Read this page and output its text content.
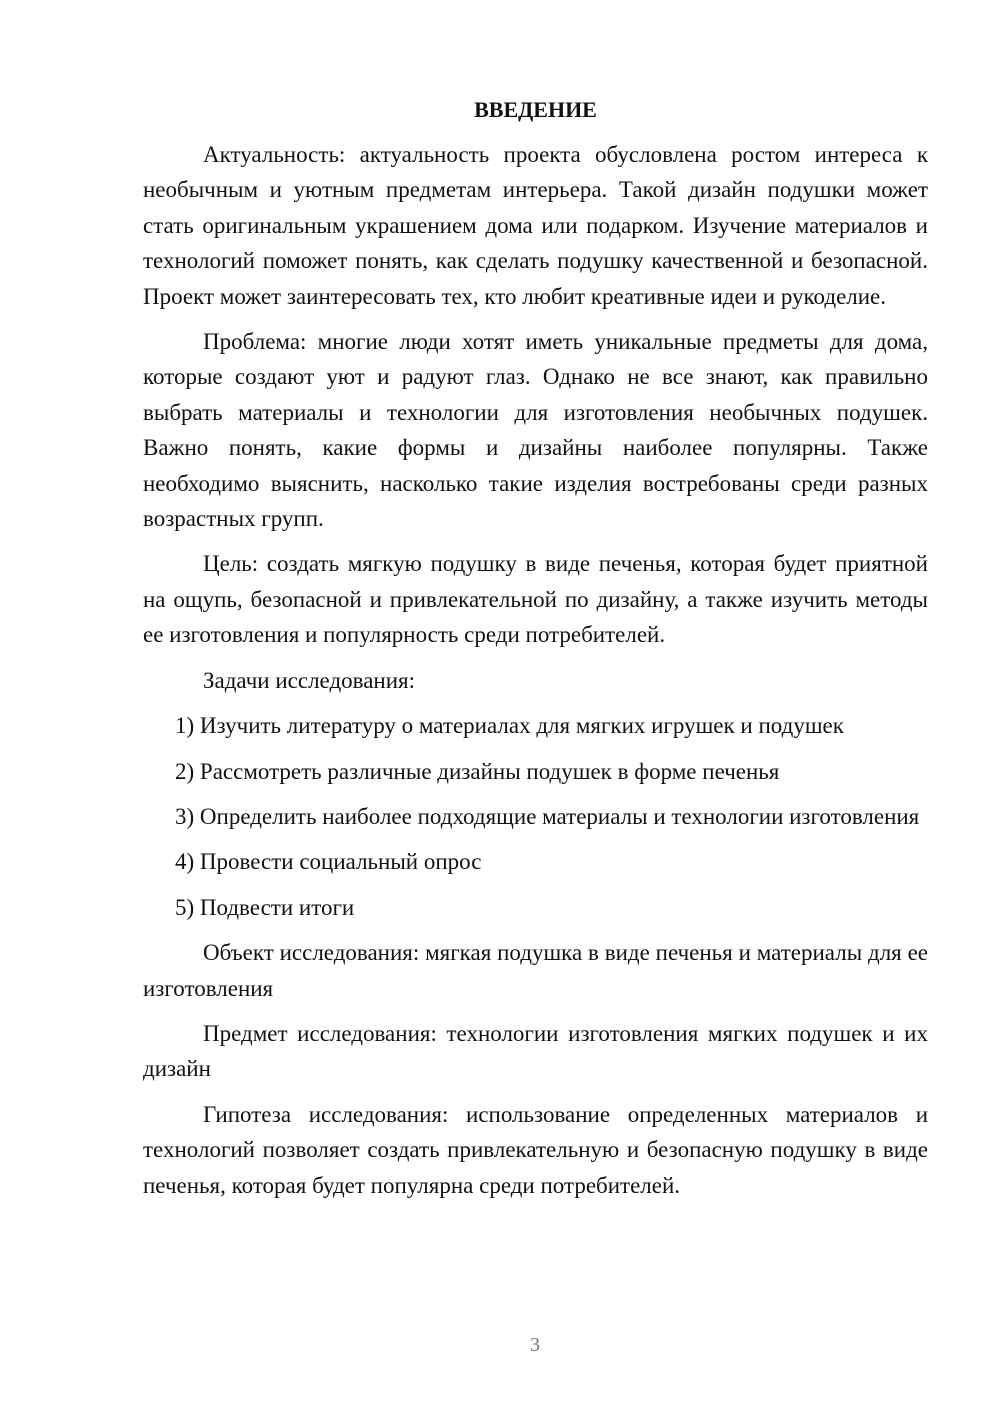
ВВЕДЕНИЕ

Актуальность: актуальность проекта обусловлена ростом интереса к необычным и уютным предметам интерьера. Такой дизайн подушки может стать оригинальным украшением дома или подарком. Изучение материалов и технологий поможет понять, как сделать подушку качественной и безопасной. Проект может заинтересовать тех, кто любит креативные идеи и рукоделие.

Проблема: многие люди хотят иметь уникальные предметы для дома, которые создают уют и радуют глаз. Однако не все знают, как правильно выбрать материалы и технологии для изготовления необычных подушек. Важно понять, какие формы и дизайны наиболее популярны. Также необходимо выяснить, насколько такие изделия востребованы среди разных возрастных групп.

Цель: создать мягкую подушку в виде печенья, которая будет приятной на ощупь, безопасной и привлекательной по дизайну, а также изучить методы ее изготовления и популярность среди потребителей.

Задачи исследования:

1) Изучить литературу о материалах для мягких игрушек и подушек

2) Рассмотреть различные дизайны подушек в форме печенья

3) Определить наиболее подходящие материалы и технологии изготовления

4) Провести социальный опрос

5) Подвести итоги

Объект исследования: мягкая подушка в виде печенья и материалы для ее изготовления

Предмет исследования: технологии изготовления мягких подушек и их дизайн

Гипотеза исследования: использование определенных материалов и технологий позволяет создать привлекательную и безопасную подушку в виде печенья, которая будет популярна среди потребителей.

3
